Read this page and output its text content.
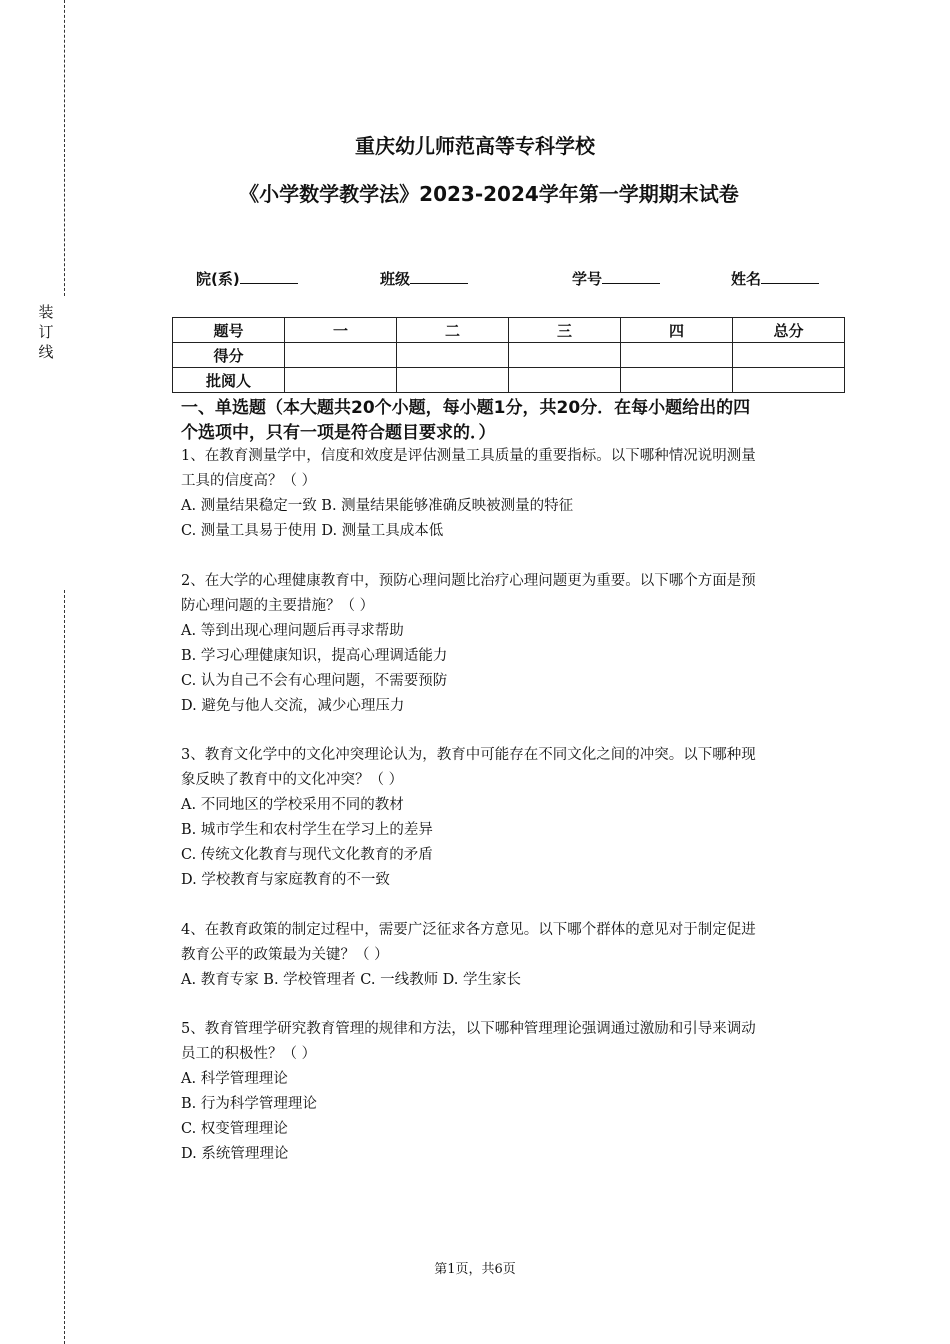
装
订
线
重庆幼儿师范高等专科学校
《小学数学教学法》2023-2024学年第一学期期末试卷
院(系)	班级	学号	姓名
题号	一	二	三	四	总分
得分					
批阅人					
一、单选题（本大题共20个小题，每小题1分，共20分．在每小题给出的四
个选项中，只有一项是符合题目要求的．）
1、在教育测量学中，信度和效度是评估测量工具质量的重要指标。以下哪种情况说明测量
工具的信度高？（ ）
A. 测量结果稳定一致 B. 测量结果能够准确反映被测量的特征
C. 测量工具易于使用 D. 测量工具成本低
2、在大学的心理健康教育中，预防心理问题比治疗心理问题更为重要。以下哪个方面是预
防心理问题的主要措施？（ ）
A. 等到出现心理问题后再寻求帮助
B. 学习心理健康知识，提高心理调适能力
C. 认为自己不会有心理问题，不需要预防
D. 避免与他人交流，减少心理压力
3、教育文化学中的文化冲突理论认为，教育中可能存在不同文化之间的冲突。以下哪种现
象反映了教育中的文化冲突？（ ）
A. 不同地区的学校采用不同的教材
B. 城市学生和农村学生在学习上的差异
C. 传统文化教育与现代文化教育的矛盾
D. 学校教育与家庭教育的不一致
4、在教育政策的制定过程中，需要广泛征求各方意见。以下哪个群体的意见对于制定促进
教育公平的政策最为关键？（ ）
A. 教育专家 B. 学校管理者 C. 一线教师 D. 学生家长
5、教育管理学研究教育管理的规律和方法，以下哪种管理理论强调通过激励和引导来调动
员工的积极性？（ ）
A. 科学管理理论
B. 行为科学管理理论
C. 权变管理理论
D. 系统管理理论
第1页，共6页
